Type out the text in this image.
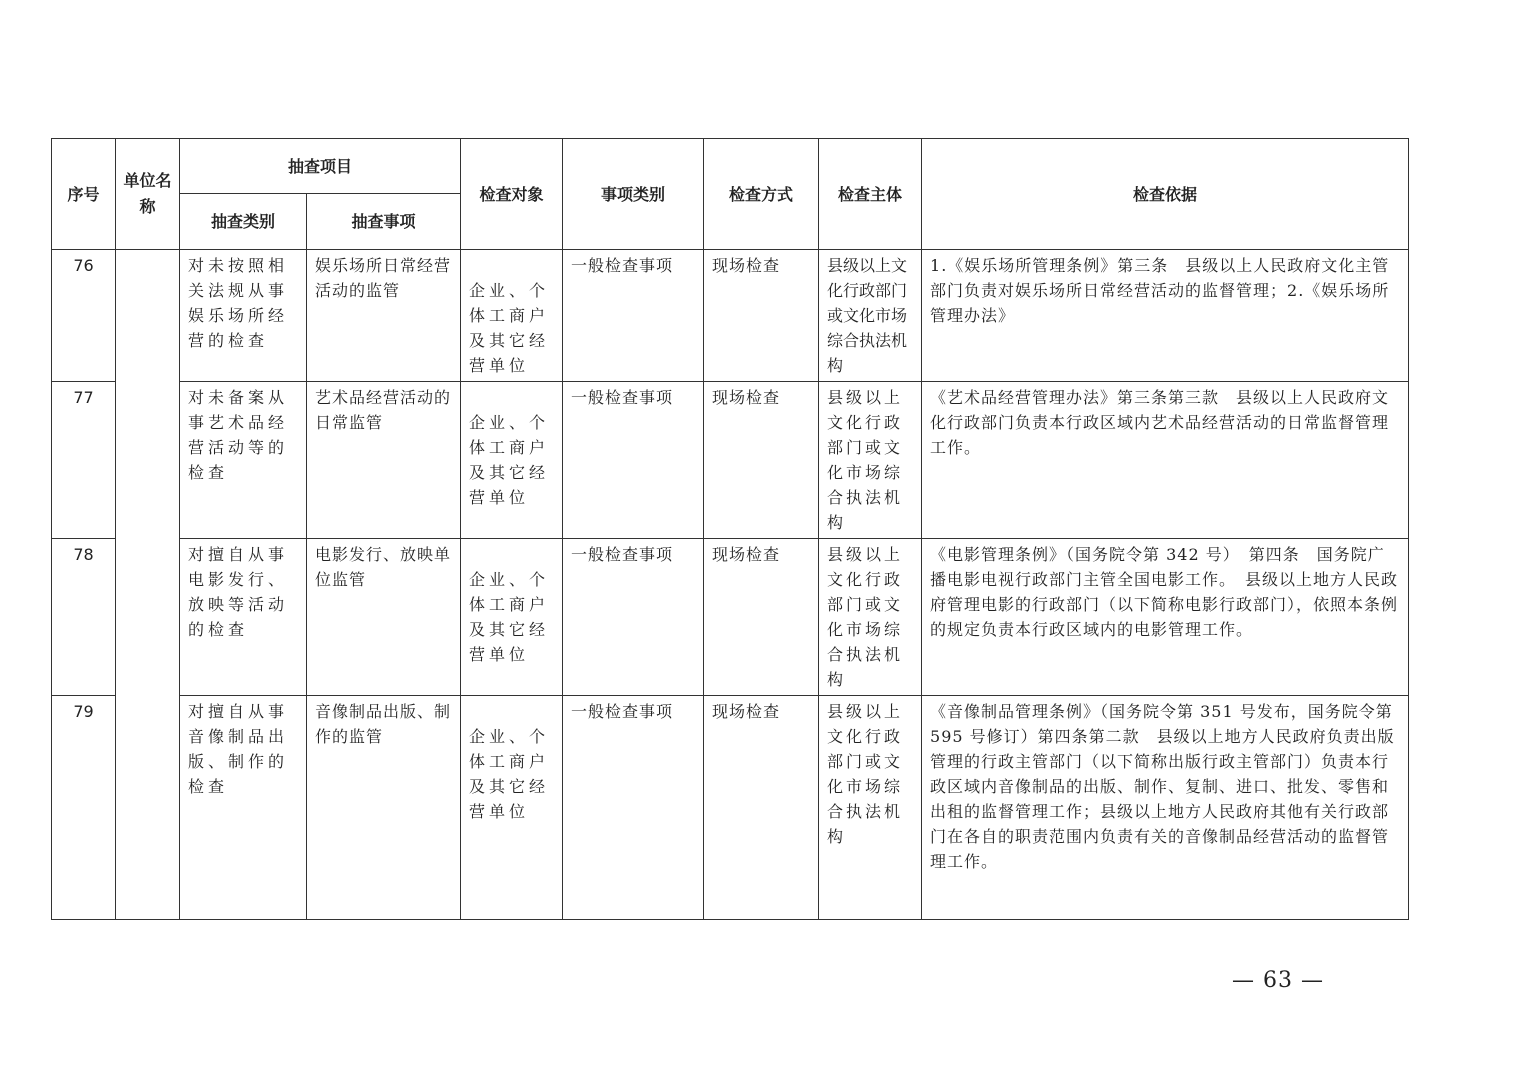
序号	单位名称	抽查项目		检查对象	事项类别	检查方式	检查主体	检查依据
		抽查类别	抽查事项					
76		对未按照相关法规从事娱乐场所经营的检查	娱乐场所日常经营活动的监管	企业、个体工商户及其它经营单位	一般检查事项	现场检查	县级以上文化行政部门或文化市场综合执法机构	1.《娱乐场所管理条例》第三条　县级以上人民政府文化主管部门负责对娱乐场所日常经营活动的监督管理；2.《娱乐场所管理办法》
77		对未备案从事艺术品经营活动等的检查	艺术品经营活动的日常监管	企业、个体工商户及其它经营单位	一般检查事项	现场检查	县级以上文化行政部门或文化市场综合执法机构	《艺术品经营管理办法》第三条第三款　县级以上人民政府文化行政部门负责本行政区域内艺术品经营活动的日常监督管理工作。
78		对擅自从事电影发行、放映等活动的检查	电影发行、放映单位监管	企业、个体工商户及其它经营单位	一般检查事项	现场检查	县级以上文化行政部门或文化市场综合执法机构	《电影管理条例》（国务院令第 342 号）　第四条　国务院广播电影电视行政部门主管全国电影工作。　县级以上地方人民政府管理电影的行政部门（以下简称电影行政部门），依照本条例的规定负责本行政区域内的电影管理工作。
79		对擅自从事音像制品出版、制作的检查	音像制品出版、制作的监管	企业、个体工商户及其它经营单位	一般检查事项	现场检查	县级以上文化行政部门或文化市场综合执法机构	《音像制品管理条例》（国务院令第 351 号发布，国务院令第 595 号修订）第四条第二款　县级以上地方人民政府负责出版管理的行政主管部门（以下简称出版行政主管部门）负责本行政区域内音像制品的出版、制作、复制、进口、批发、零售和出租的监督管理工作；县级以上地方人民政府其他有关行政部门在各自的职责范围内负责有关的音像制品经营活动的监督管理工作。
— 63 —
